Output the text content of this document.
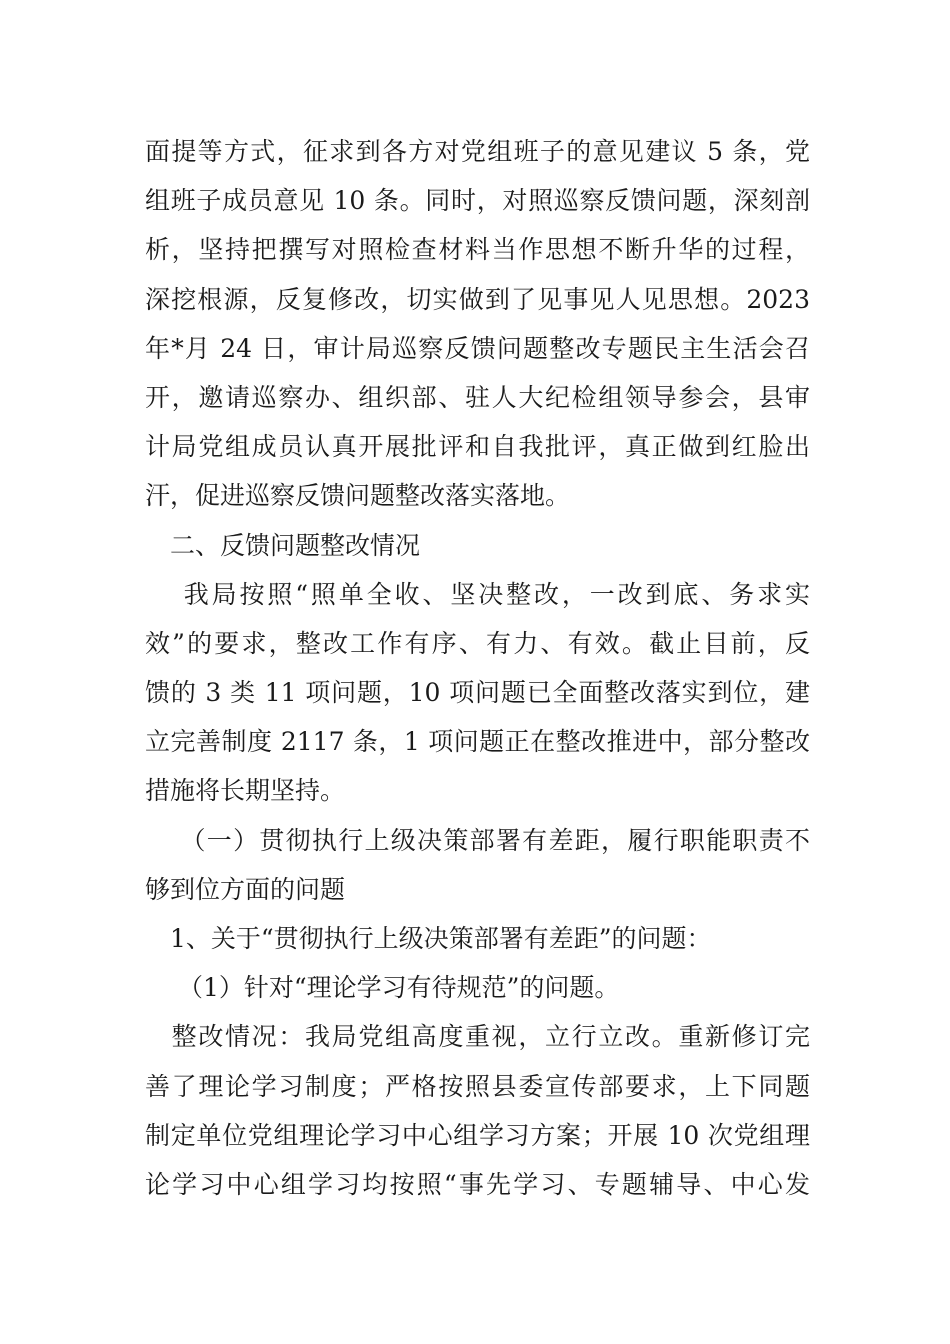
面提等方式，征求到各方对党组班子的意见建议 5 条，党
组班子成员意见 10 条。同时，对照巡察反馈问题，深刻剖
析，坚持把撰写对照检查材料当作思想不断升华的过程，
深挖根源，反复修改，切实做到了见事见人见思想。2023
年*月 24 日，审计局巡察反馈问题整改专题民主生活会召
开，邀请巡察办、组织部、驻人大纪检组领导参会，县审
计局党组成员认真开展批评和自我批评，真正做到红脸出
汗，促进巡察反馈问题整改落实落地。
　二、反馈问题整改情况
　 我局按照“照单全收、坚决整改，一改到底、务求实
效”的要求，整改工作有序、有力、有效。截止目前，反
馈的 3 类 11 项问题，10 项问题已全面整改落实到位，建
立完善制度 2117 条，1 项问题正在整改推进中，部分整改
措施将长期坚持。
　 （一）贯彻执行上级决策部署有差距，履行职能职责不
够到位方面的问题
　1、关于“贯彻执行上级决策部署有差距”的问题：
　 （1）针对“理论学习有待规范”的问题。
　整改情况：我局党组高度重视，立行立改。重新修订完
善了理论学习制度；严格按照县委宣传部要求，上下同题
制定单位党组理论学习中心组学习方案；开展 10 次党组理
论学习中心组学习均按照“事先学习、专题辅导、中心发
